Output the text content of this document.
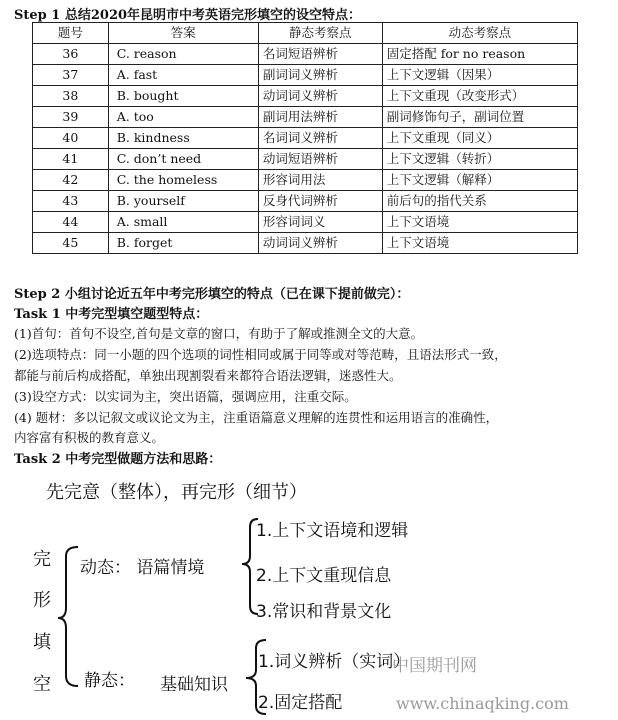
Step 1 总结2020年昆明市中考英语完形填空的设空特点：
题号	答案	静态考察点	动态考察点
36	C. reason	名词短语辨析	固定搭配 for no reason
37	A. fast	副词词义辨析	上下文逻辑（因果）
38	B. bought	动词词义辨析	上下文重现（改变形式）
39	A. too	副词用法辨析	副词修饰句子，副词位置
40	B. kindness	名词词义辨析	上下文重现（同义）
41	C. don’t need	动词短语辨析	上下文逻辑（转折）
42	C. the homeless	形容词用法	上下文逻辑（解释）
43	B. yourself	反身代词辨析	前后句的指代关系
44	A. small	形容词词义	上下文语境
45	B. forget	动词词义辨析	上下文语境
Step 2 小组讨论近五年中考完形填空的特点（已在课下提前做完）：
Task 1 中考完型填空题型特点：
(1)首句：首句不设空,首句是文章的窗口，有助于了解或推测全文的大意。
(2)选项特点：同一小题的四个选项的词性相同或属于同等或对等范畴，且语法形式一致，
都能与前后构成搭配，单独出现割裂看来都符合语法逻辑，迷惑性大。
(3)设空方式：以实词为主，突出语篇，强调应用，注重交际。
(4) 题材：多以记叙文或议论文为主，注重语篇意义理解的连贯性和运用语言的准确性，
内容富有积极的教育意义。
Task 2 中考完型做题方法和思路：
先完意（整体），再完形（细节）
完
形
填
空
动态： 语篇情境
1.上下文语境和逻辑
2.上下文重现信息
3.常识和背景文化
静态： 基础知识
1.词义辨析（实词）
2.固定搭配
中国期刊网
www.chinaqking.com
